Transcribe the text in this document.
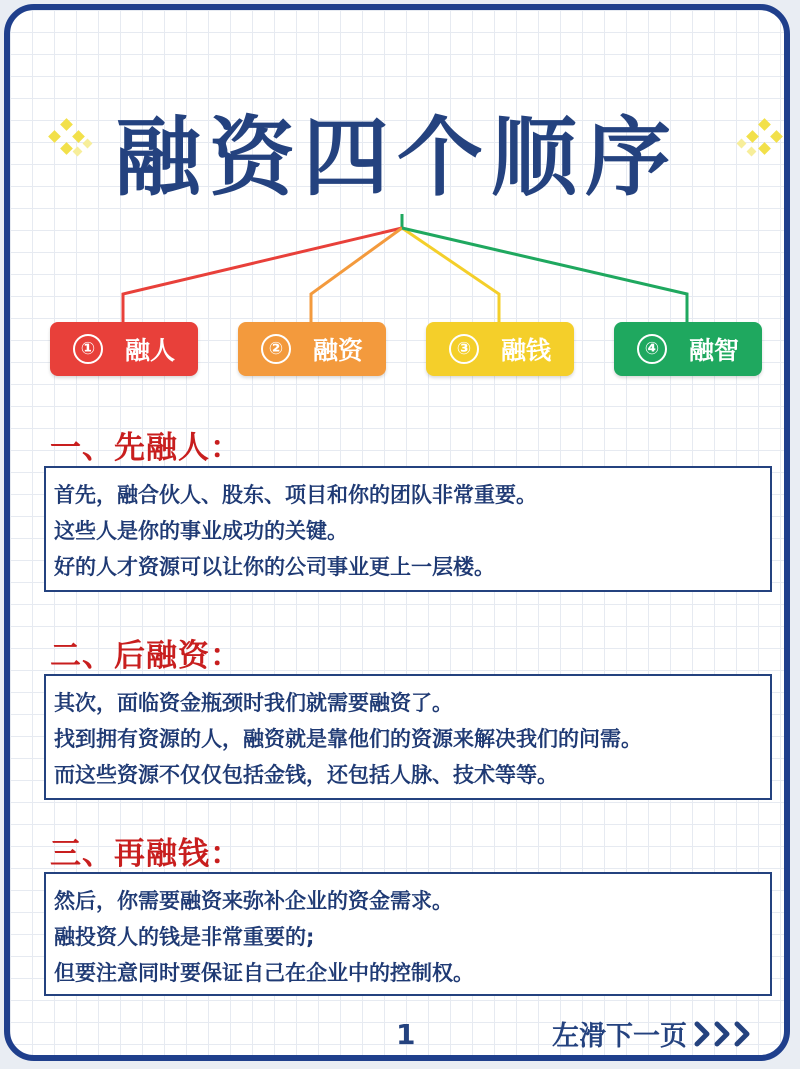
融资四个顺序
①	融人	②	融资	③	融钱	④	融智
一、先融人：

首先，融合伙人、股东、项目和你的团队非常重要。

这些人是你的事业成功的关键。

好的人才资源可以让你的公司事业更上一层楼。

二、后融资：

其次，面临资金瓶颈时我们就需要融资了。

找到拥有资源的人，融资就是靠他们的资源来解决我们的问需。

而这些资源不仅仅包括金钱，还包括人脉、技术等等。

三、再融钱：

然后，你需要融资来弥补企业的资金需求。

融投资人的钱是非常重要的;

但要注意同时要保证自己在企业中的控制权。

1	左滑下一页
